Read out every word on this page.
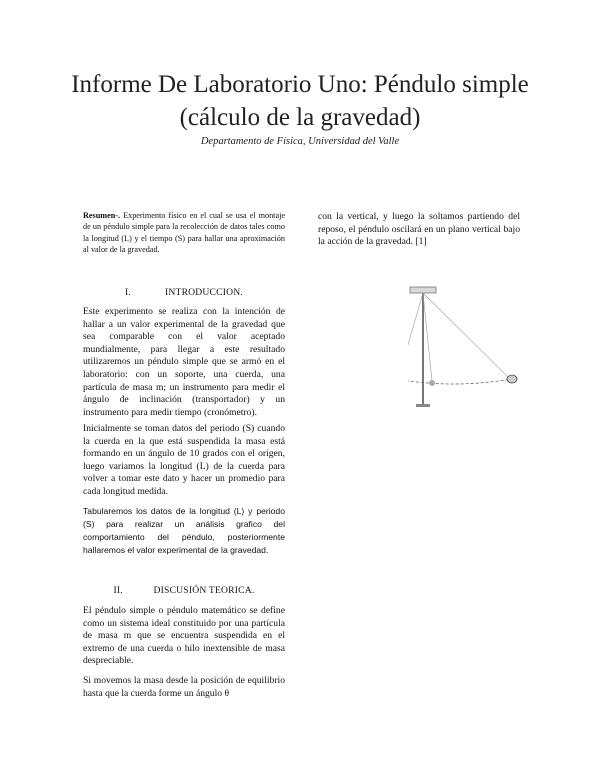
Informe De Laboratorio Uno: Péndulo simple
(cálculo de la gravedad)
Departamento de Física, Universidad del Valle
Resumen-. Experimento físico en el cual se usa el montaje de un péndulo simple para la recolección de datos tales como la longitud (L) y el tiempo (S) para hallar una aproximación al valor de la gravedad.
I.	INTRODUCCION.

Este experimento se realiza con la intención de hallar a un valor experimental de la gravedad que sea comparable con el valor aceptado mundialmente, para llegar a este resultado utilizaremos un péndulo simple que se armó en el laboratorio: con un soporte, una cuerda, una partícula de masa m; un instrumento para medir el ángulo de inclinación (transportador) y un instrumento para medir tiempo (cronómetro).

Inicialmente se toman datos del periodo (S) cuando la cuerda en la que está suspendida la masa está formando en un ángulo de 10 grados con el origen, luego variamos la longitud (L) de la cuerda para volver a tomar este dato y hacer un promedio para cada longitud medida.

Tabularemos los datos de la longitud (L) y periodo (S) para realizar un análisis grafico del comportamiento del péndulo, posteriormente hallaremos el valor experimental de la gravedad.

II.	DISCUSIÓN TEORICA.

El péndulo simple o péndulo matemático se define como un sistema ideal constituido por una partícula de masa m que se encuentra suspendida en el extremo de una cuerda o hilo inextensible de masa despreciable.

Si movemos la masa desde la posición de equilibrio hasta que la cuerda forme un ángulo θ

con la vertical, y luego la soltamos partiendo del reposo, el péndulo oscilará en un plano vertical bajo la acción de la gravedad. [1]
